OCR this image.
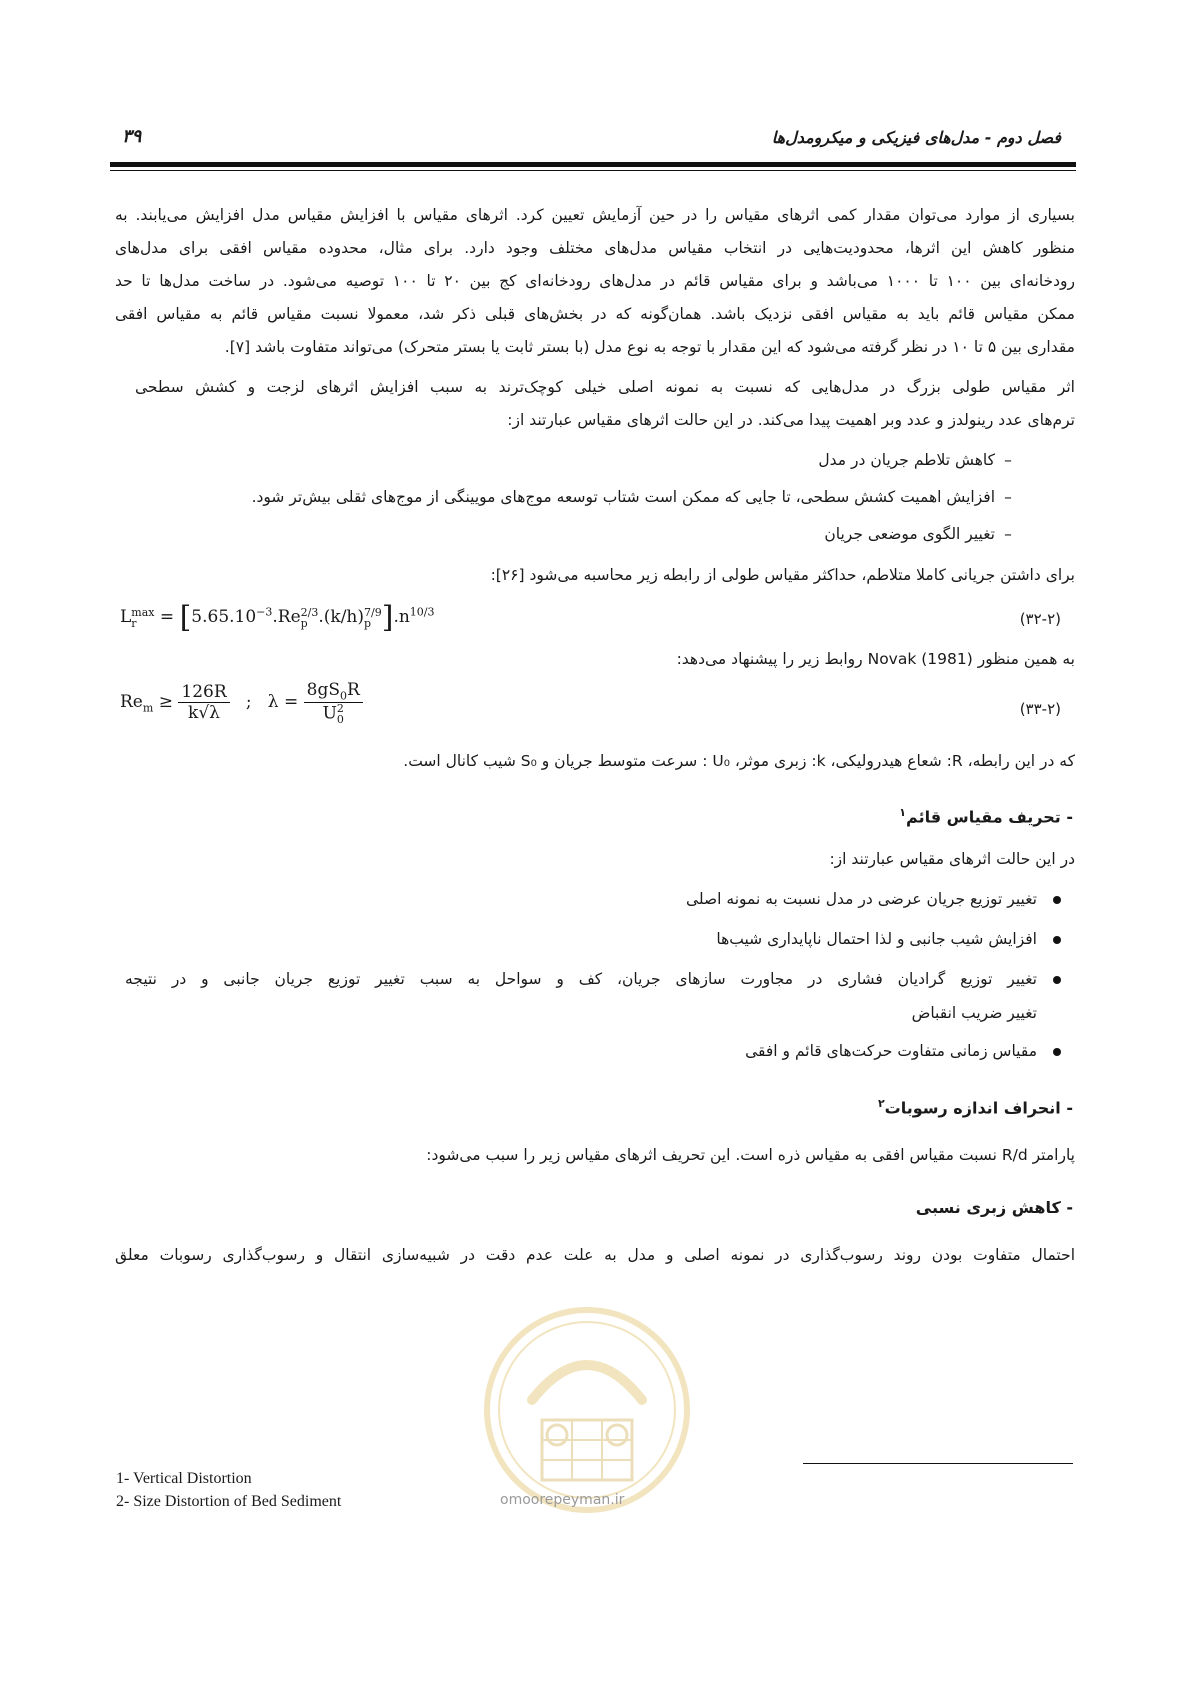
فصل دوم - مدل‌های فیزیکی و میکرومدل‌ها
۳۹
بسیاری از موارد می‌توان مقدار کمی اثرهای مقیاس را در حین آزمایش تعیین کرد. اثرهای مقیاس با افزایش مقیاس مدل افزایش می‌یابند. به
منظور کاهش این اثرها، محدودیت‌هایی در انتخاب مقیاس مدل‌های مختلف وجود دارد. برای مثال، محدوده مقیاس افقی برای مدل‌های
رودخانه‌ای بین ۱۰۰ تا ۱۰۰۰ می‌باشد و برای مقیاس قائم در مدل‌های رودخانه‌ای کج بین ۲۰ تا ۱۰۰ توصیه می‌شود. در ساخت مدل‌ها تا حد
ممکن مقیاس قائم باید به مقیاس افقی نزدیک باشد. همان‌گونه که در بخش‌های قبلی ذکر شد، معمولا نسبت مقیاس قائم به مقیاس افقی
مقداری بین ۵ تا ۱۰ در نظر گرفته می‌شود که این مقدار با توجه به نوع مدل (با بستر ثابت یا بستر متحرک) می‌تواند متفاوت باشد [۷].
اثر مقیاس طولی بزرگ در مدل‌هایی که نسبت به نمونه اصلی خیلی کوچک‌ترند به سبب افزایش اثرهای لزجت و کشش سطحی
ترم‌های عدد رینولدز و عدد وبر اهمیت پیدا می‌کند. در این حالت اثرهای مقیاس عبارتند از:
–کاهش تلاطم جریان در مدل
–افزایش اهمیت کشش سطحی، تا جایی که ممکن است شتاب توسعه موج‌های مویینگی از موج‌های ثقلی بیش‌تر شود.
–تغییر الگوی موضعی جریان
برای داشتن جریانی کاملا متلاطم، حداکثر مقیاس طولی از رابطه زیر محاسبه می‌شود [۲۶]:
L max
r	= [$5.65.10^{-3}.Re$ 2/3
p .(k/h) 7/9
p ]$.n^{10/3}$	(۳۲-۲)
به همین منظور Novak (1981) روابط زیر را پیشنهاد می‌دهد:
$Re_m \ge \frac{126R}{k√\lambda}$ ; $\lambda = 8gS_0R$
U 2
0	(۳۳-۲)
که در این رابطه، R: شعاع هیدرولیکی، k: زبری موثر، U₀ : سرعت متوسط جریان و S₀ شیب کانال است.
- تحریف مقیاس قائم$^۱$
در این حالت اثرهای مقیاس عبارتند از:
تغییر توزیع جریان عرضی در مدل نسبت به نمونه اصلی
افزایش شیب جانبی و لذا احتمال ناپایداری شیب‌ها
تغییر توزیع گرادیان فشاری در مجاورت سازهای جریان، کف و سواحل به سبب تغییر توزیع جریان جانبی و در نتیجه
تغییر ضریب انقباض
مقیاس زمانی متفاوت حرکت‌های قائم و افقی
- انحراف اندازه رسوبات$^۲$
پارامتر R/d نسبت مقیاس افقی به مقیاس ذره است. این تحریف اثرهای مقیاس زیر را سبب می‌شود:
omoorepeyman.ir
- کاهش زبری نسبی
احتمال متفاوت بودن روند رسوب‌گذاری در نمونه اصلی و مدل به علت عدم دقت در شبیه‌سازی انتقال و رسوب‌گذاری رسوبات معلق
1- Vertical Distortion
2- Size Distortion of Bed Sediment
